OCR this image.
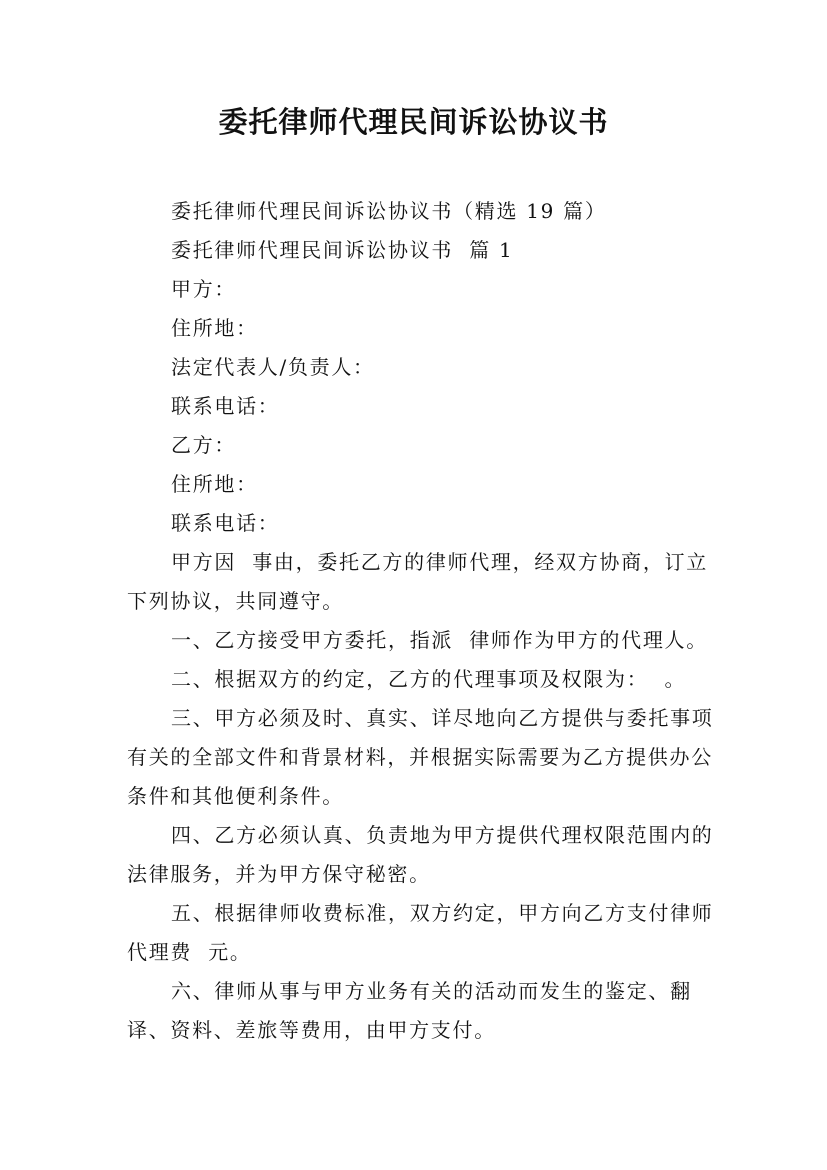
委托律师代理民间诉讼协议书

委托律师代理民间诉讼协议书（精选 19 篇）

委托律师代理民间诉讼协议书  篇 1

甲方：

住所地：

法定代表人/负责人：

联系电话：

乙方：

住所地：

联系电话：

甲方因  事由，委托乙方的律师代理，经双方协商，订立下列协议，共同遵守。

一、乙方接受甲方委托，指派  律师作为甲方的代理人。

二、根据双方的约定，乙方的代理事项及权限为：  。

三、甲方必须及时、真实、详尽地向乙方提供与委托事项有关的全部文件和背景材料，并根据实际需要为乙方提供办公条件和其他便利条件。

四、乙方必须认真、负责地为甲方提供代理权限范围内的法律服务，并为甲方保守秘密。

五、根据律师收费标准，双方约定，甲方向乙方支付律师代理费  元。

六、律师从事与甲方业务有关的活动而发生的鉴定、翻译、资料、差旅等费用，由甲方支付。
